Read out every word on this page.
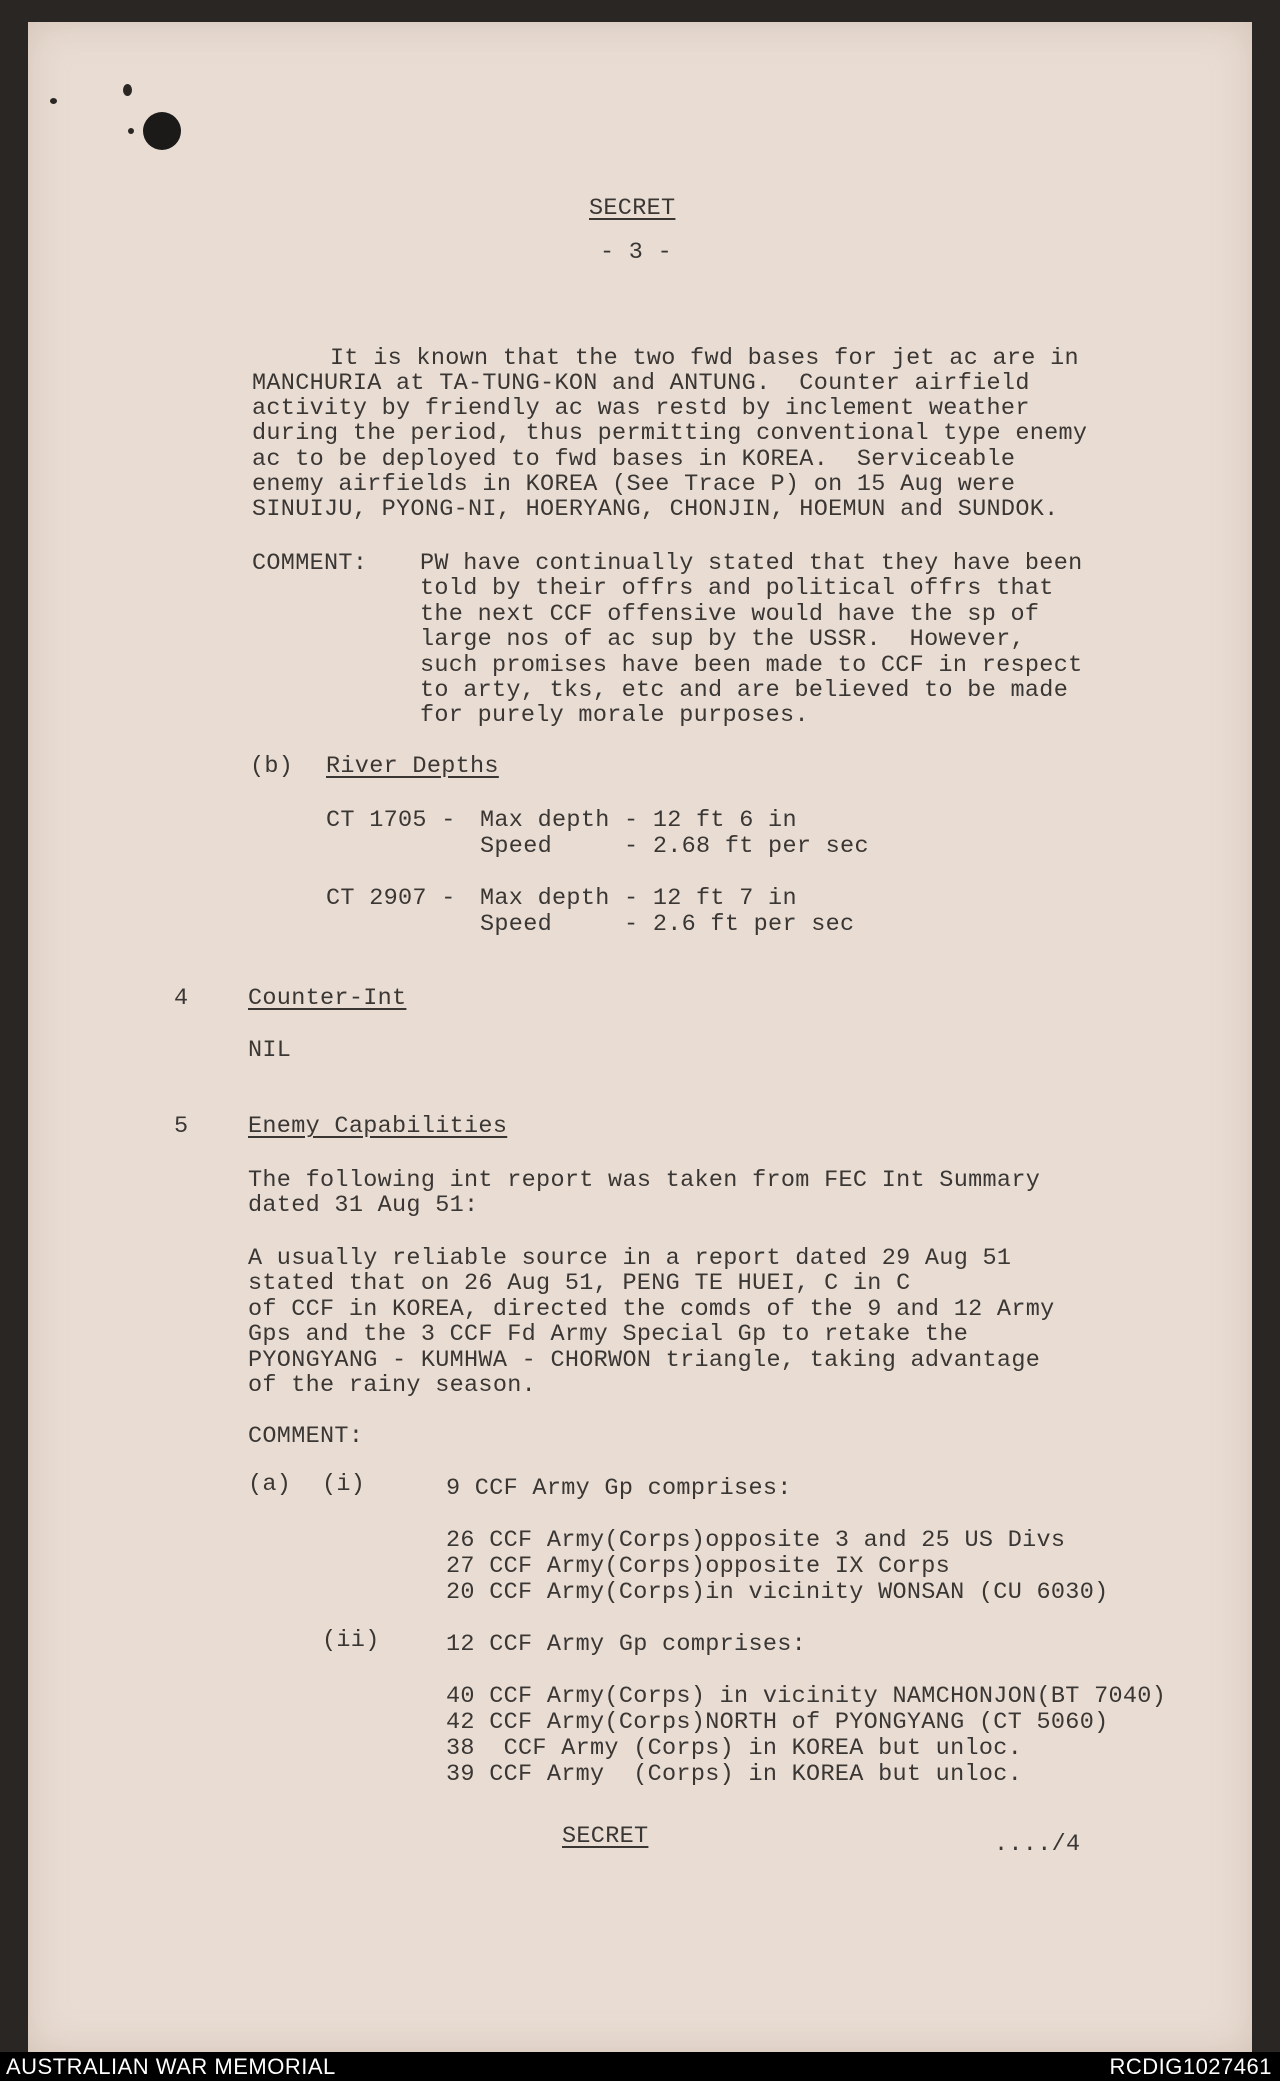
SECRET

- 3 -

It is known that the two fwd bases for jet ac are in

MANCHURIA at TA-TUNG-KON and ANTUNG.  Counter airfield

activity by friendly ac was restd by inclement weather

during the period, thus permitting conventional type enemy

ac to be deployed to fwd bases in KOREA.  Serviceable

enemy airfields in KOREA (See Trace P) on 15 Aug were

SINUIJU, PYONG-NI, HOERYANG, CHONJIN, HOEMUN and SUNDOK.

COMMENT: PW have continually stated that they have been

told by their offrs and political offrs that

the next CCF offensive would have the sp of

large nos of ac sup by the USSR.  However,

such promises have been made to CCF in respect

to arty, tks, etc and are believed to be made

for purely morale purposes.

(b) River Depths

CT 1705 - Max depth - 12 ft 6 in

Speed     - 2.68 ft per sec

CT 2907 - Max depth - 12 ft 7 in

Speed     - 2.6 ft per sec

4	Counter-Int

NIL

5	Enemy Capabilities

The following int report was taken from FEC Int Summary

dated 31 Aug 51:

A usually reliable source in a report dated 29 Aug 51

stated that on 26 Aug 51, PENG TE HUEI, C in C

of CCF in KOREA, directed the comds of the 9 and 12 Army

Gps and the 3 CCF Fd Army Special Gp to retake the

PYONGYANG - KUMHWA - CHORWON triangle, taking advantage

of the rainy season.

COMMENT:

(a) (i)	9 CCF Army Gp comprises:

26 CCF Army(Corps)opposite 3 and 25 US Divs

27 CCF Army(Corps)opposite IX Corps

20 CCF Army(Corps)in vicinity WONSAN (CU 6030)

(ii)	12 CCF Army Gp comprises:

40 CCF Army(Corps) in vicinity NAMCHONJON(BT 7040)

42 CCF Army(Corps)NORTH of PYONGYANG (CT 5060)

38  CCF Army (Corps) in KOREA but unloc.

39 CCF Army  (Corps) in KOREA but unloc.

SECRET	..../4

AUSTRALIAN WAR MEMORIAL	RCDIG1027461
